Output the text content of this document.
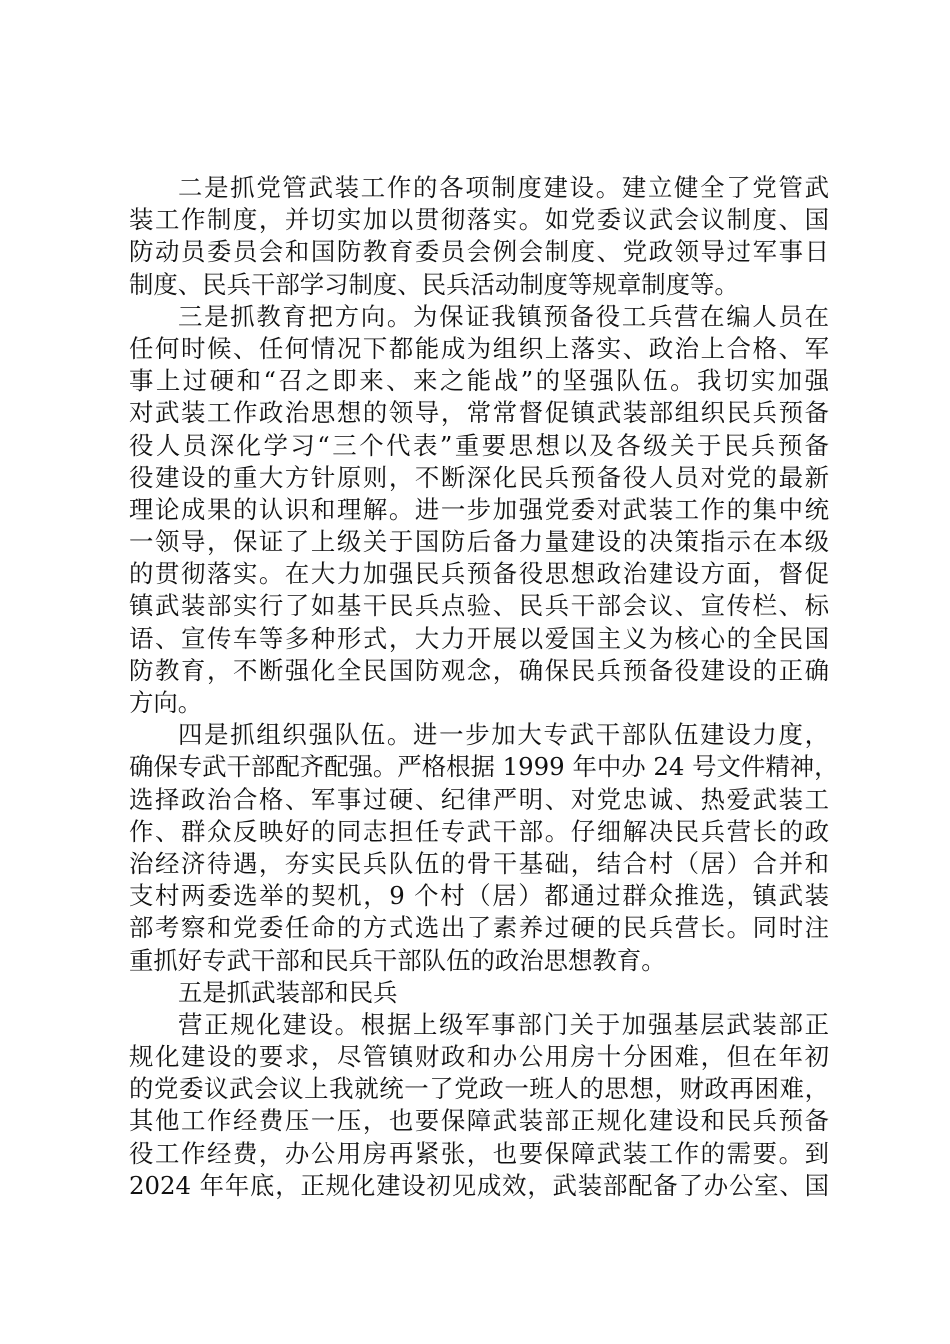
二是抓党管武装工作的各项制度建设。建立健全了党管武
装工作制度，并切实加以贯彻落实。如党委议武会议制度、国
防动员委员会和国防教育委员会例会制度、党政领导过军事日
制度、民兵干部学习制度、民兵活动制度等规章制度等。
三是抓教育把方向。为保证我镇预备役工兵营在编人员在
任何时候、任何情况下都能成为组织上落实、政治上合格、军
事上过硬和“召之即来、来之能战”的坚强队伍。我切实加强
对武装工作政治思想的领导，常常督促镇武装部组织民兵预备
役人员深化学习“三个代表”重要思想以及各级关于民兵预备
役建设的重大方针原则，不断深化民兵预备役人员对党的最新
理论成果的认识和理解。进一步加强党委对武装工作的集中统
一领导，保证了上级关于国防后备力量建设的决策指示在本级
的贯彻落实。在大力加强民兵预备役思想政治建设方面，督促
镇武装部实行了如基干民兵点验、民兵干部会议、宣传栏、标
语、宣传车等多种形式，大力开展以爱国主义为核心的全民国
防教育，不断强化全民国防观念，确保民兵预备役建设的正确
方向。
四是抓组织强队伍。进一步加大专武干部队伍建设力度，
确保专武干部配齐配强。严格根据 1999 年中办 24 号文件精神，
选择政治合格、军事过硬、纪律严明、对党忠诚、热爱武装工
作、群众反映好的同志担任专武干部。仔细解决民兵营长的政
治经济待遇，夯实民兵队伍的骨干基础，结合村（居）合并和
支村两委选举的契机，9 个村（居）都通过群众推选，镇武装
部考察和党委任命的方式选出了素养过硬的民兵营长。同时注
重抓好专武干部和民兵干部队伍的政治思想教育。
五是抓武装部和民兵
营正规化建设。根据上级军事部门关于加强基层武装部正
规化建设的要求，尽管镇财政和办公用房十分困难，但在年初
的党委议武会议上我就统一了党政一班人的思想，财政再困难，
其他工作经费压一压，也要保障武装部正规化建设和民兵预备
役工作经费，办公用房再紧张，也要保障武装工作的需要。到
2024 年年底，正规化建设初见成效，武装部配备了办公室、国
